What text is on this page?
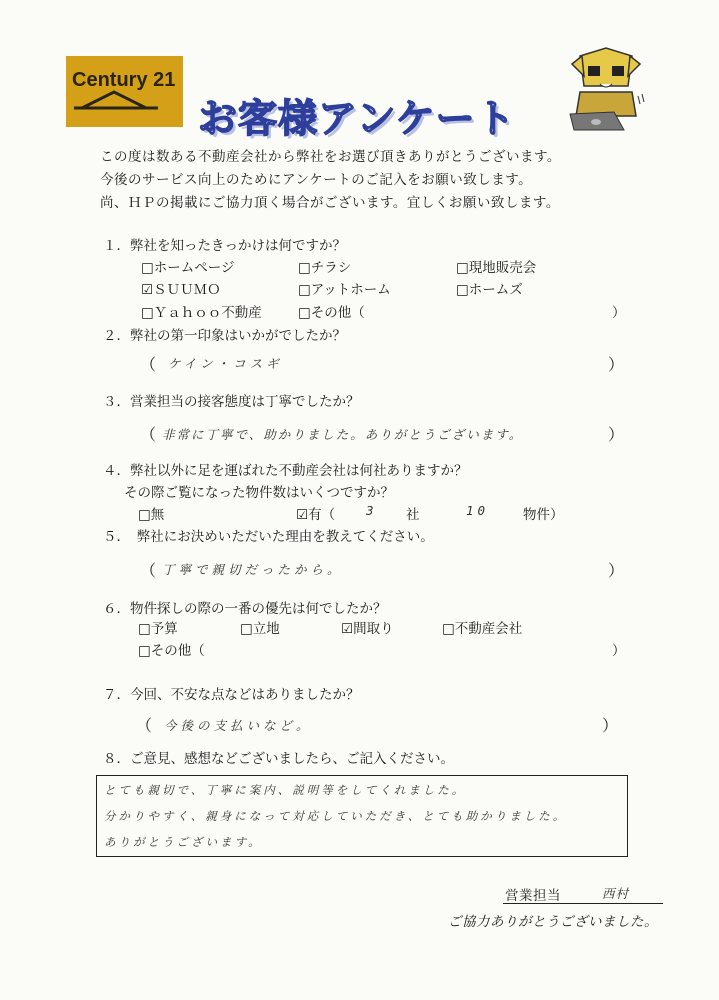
Century 21
お客様アンケート
この度は数ある不動産会社から弊社をお選び頂きありがとうございます。
今後のサービス向上のためにアンケートのご記入をお願い致します。
尚、ＨＰの掲載にご協力頂く場合がございます。宜しくお願い致します。
１．弊社を知ったきっかけは何ですか？
□ホームページ	□チラシ	□現地販売会
☑ＳＵＵＭＯ	□アットホーム	□ホームズ
□Ｙａｈｏｏ不動産	□その他（	）
２．弊社の第一印象はいかがでしたか？
（ ケイン・コスギ	）
３．営業担当の接客態度は丁寧でしたか？
（ 非常に丁寧で、助かりました。ありがとうございます。	）
４．弊社以外に足を運ばれた不動産会社は何社ありますか？
その際ご覧になった物件数はいくつですか？
□無	☑有（ 3 社	10	物件）
５．　弊社にお決めいただいた理由を教えてください。
（ 丁寧で親切だったから。	）
６．物件探しの際の一番の優先は何でしたか？
□予算	□立地	☑間取り	□不動産会社
□その他（	）
７．今回、不安な点などはありましたか？
（ 今後の支払いなど。	）
８．ご意見、感想などございましたら、ご記入ください。
とても親切で、丁寧に案内、説明等をしてくれました。
分かりやすく、親身になって対応していただき、とても助かりました。
ありがとうございます。
営業担当	西村
ご協力ありがとうございました。
